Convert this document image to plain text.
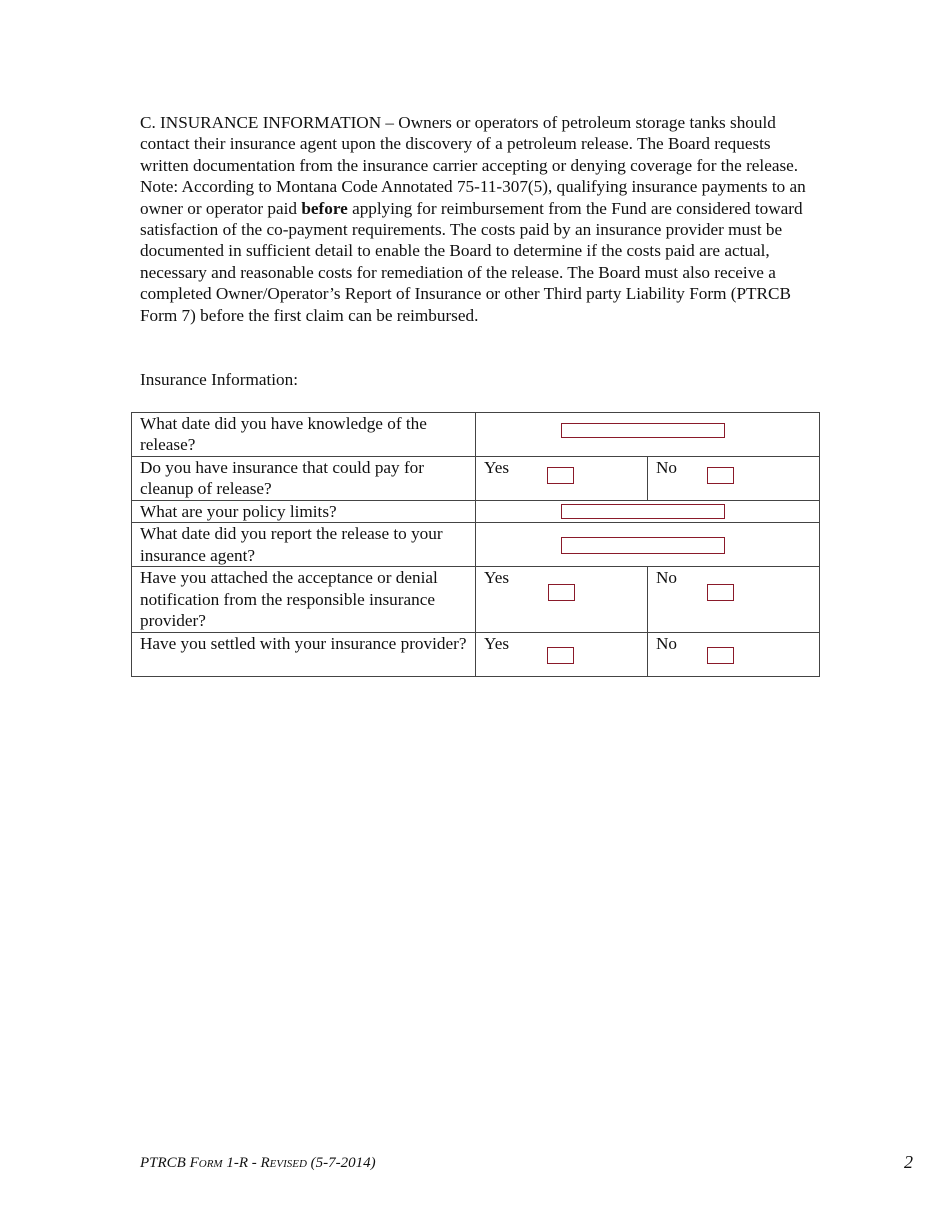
C. INSURANCE INFORMATION – Owners or operators of petroleum storage tanks should contact their insurance agent upon the discovery of a petroleum release. The Board requests written documentation from the insurance carrier accepting or denying coverage for the release. Note: According to Montana Code Annotated 75-11-307(5), qualifying insurance payments to an owner or operator paid before applying for reimbursement from the Fund are considered toward satisfaction of the co-payment requirements. The costs paid by an insurance provider must be documented in sufficient detail to enable the Board to determine if the costs paid are actual, necessary and reasonable costs for remediation of the release. The Board must also receive a completed Owner/Operator’s Report of Insurance or other Third party Liability Form (PTRCB Form 7) before the first claim can be reimbursed.

Insurance Information:

What date did you have knowledge of the release?		

Do you have insurance that could pay for cleanup of release?	Yes	No

What are your policy limits?		

What date did you report the release to your insurance agent?		

Have you attached the acceptance or denial notification from the responsible insurance provider?	Yes	No

Have you settled with your insurance provider?	Yes	No

PTRCB Form 1-R - Revised (5-7-2014)	2
